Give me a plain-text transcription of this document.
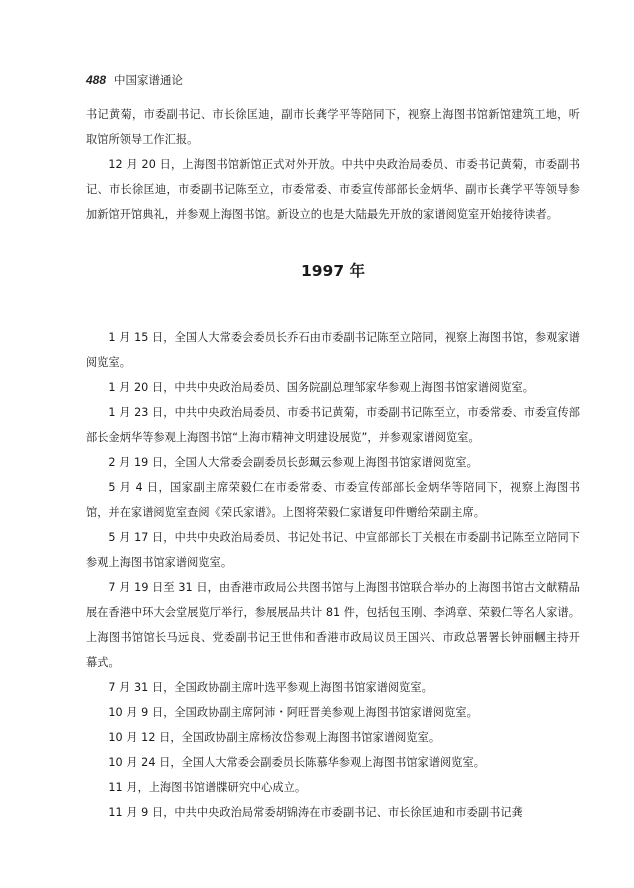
488 中国家谱通论

书记黄菊，市委副书记、市长徐匡迪，副市长龚学平等陪同下，视察上海图书馆新馆建筑工地，听取馆所领导工作汇报。

12 月 20 日，上海图书馆新馆正式对外开放。中共中央政治局委员、市委书记黄菊，市委副书记、市长徐匡迪，市委副书记陈至立，市委常委、市委宣传部部长金炳华、副市长龚学平等领导参加新馆开馆典礼，并参观上海图书馆。新设立的也是大陆最先开放的家谱阅览室开始接待读者。

1997 年

1 月 15 日，全国人大常委会委员长乔石由市委副书记陈至立陪同，视察上海图书馆，参观家谱阅览室。

1 月 20 日，中共中央政治局委员、国务院副总理邹家华参观上海图书馆家谱阅览室。

1 月 23 日，中共中央政治局委员、市委书记黄菊，市委副书记陈至立，市委常委、市委宣传部部长金炳华等参观上海图书馆“上海市精神文明建设展览”，并参观家谱阅览室。

2 月 19 日，全国人大常委会副委员长彭珮云参观上海图书馆家谱阅览室。

5 月 4 日，国家副主席荣毅仁在市委常委、市委宣传部部长金炳华等陪同下，视察上海图书馆，并在家谱阅览室查阅《荣氏家谱》。上图将荣毅仁家谱复印件赠给荣副主席。

5 月 17 日，中共中央政治局委员、书记处书记、中宣部部长丁关根在市委副书记陈至立陪同下参观上海图书馆家谱阅览室。

7 月 19 日至 31 日，由香港市政局公共图书馆与上海图书馆联合举办的上海图书馆古文献精品展在香港中环大会堂展览厅举行，参展展品共计 81 件，包括包玉刚、李鸿章、荣毅仁等名人家谱。上海图书馆馆长马远良、党委副书记王世伟和香港市政局议员王国兴、市政总署署长钟丽幗主持开幕式。

7 月 31 日，全国政协副主席叶选平参观上海图书馆家谱阅览室。

10 月 9 日，全国政协副主席阿沛・阿旺晋美参观上海图书馆家谱阅览室。

10 月 12 日，全国政协副主席杨汝岱参观上海图书馆家谱阅览室。

10 月 24 日，全国人大常委会副委员长陈慕华参观上海图书馆家谱阅览室。

11 月，上海图书馆谱牒研究中心成立。

11 月 9 日，中共中央政治局常委胡锦涛在市委副书记、市长徐匡迪和市委副书记龚
